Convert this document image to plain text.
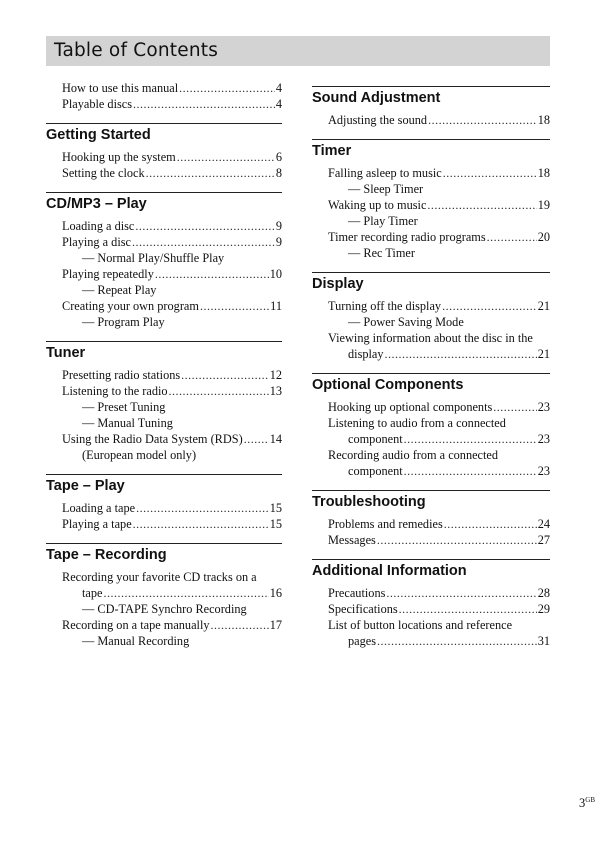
Table of Contents
How to use this manual .....	4
Playable discs .....	4
Getting Started
Hooking up the system .....	6
Setting the clock .....	8
CD/MP3 – Play
Loading a disc .....	9
Playing a disc .....	9
— Normal Play/Shuffle Play
Playing repeatedly .....	10
— Repeat Play
Creating your own program .....	11
— Program Play
Tuner
Presetting radio stations .....	12
Listening to the radio .....	13
— Preset Tuning
— Manual Tuning
Using the Radio Data System (RDS) ..... 14
(European model only)
Tape – Play
Loading a tape .....	15
Playing a tape .....	15
Tape – Recording
Recording your favorite CD tracks on a
tape .....	16
— CD-TAPE Synchro Recording
Recording on a tape manually .....	17
— Manual Recording
Sound Adjustment
Adjusting the sound .....	18
Timer
Falling asleep to music .....	18
— Sleep Timer
Waking up to music .....	19
— Play Timer
Timer recording radio programs .....	20
— Rec Timer
Display
Turning off the display .....	21
— Power Saving Mode
Viewing information about the disc in the
display .....	21
Optional Components
Hooking up optional components .....	23
Listening to audio from a connected
component .....	23
Recording audio from a connected
component .....	23
Troubleshooting
Problems and remedies .....	24
Messages .....	27
Additional Information
Precautions .....	28
Specifications .....	29
List of button locations and reference
pages .....	31
$3^{GB}$
